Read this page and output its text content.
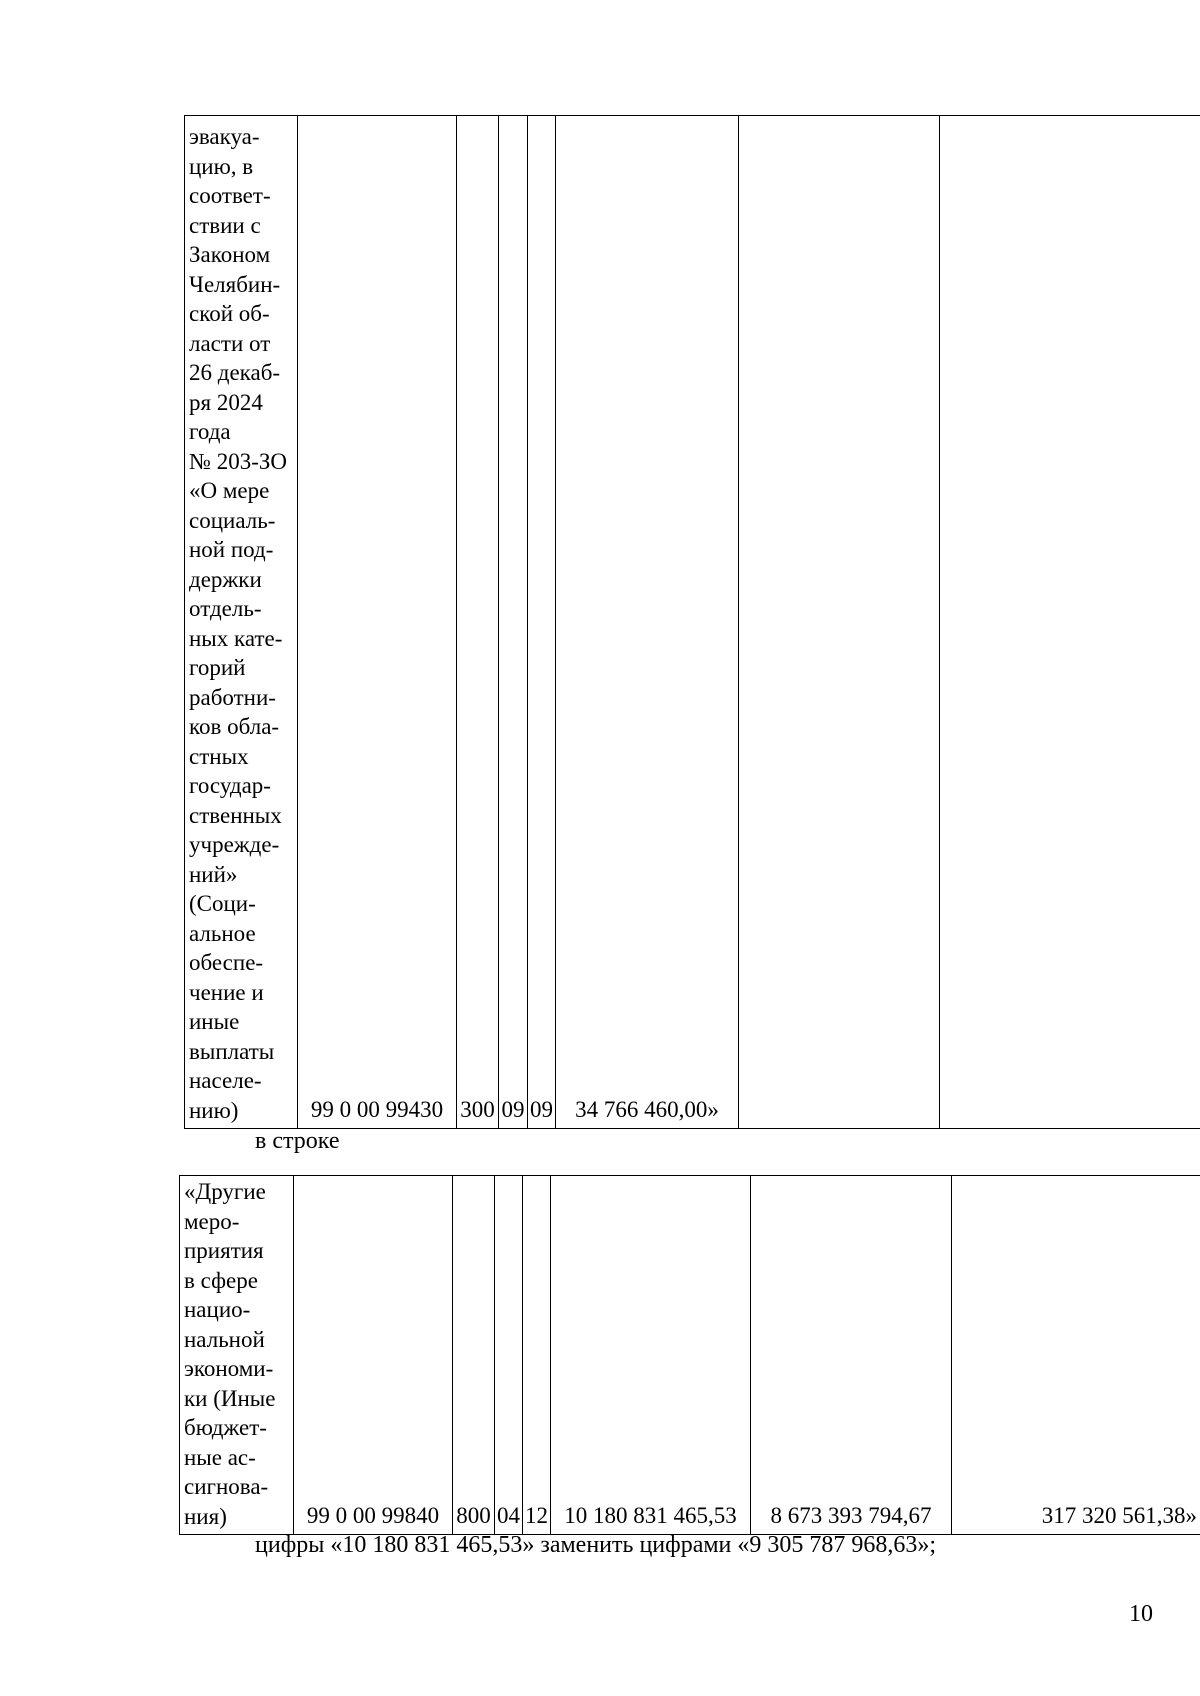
эвакуа-
цию, в
соответ-
ствии с
Законом
Челябин-
ской об-
ласти от
26 декаб-
ря 2024
года
№ 203-ЗО
«О мере
социаль-
ной под-
держки
отдель-
ных кате-
горий
работни-
ков обла-
стных
государ-
ственных
учрежде-
ний»
(Соци-
альное
обеспе-
чение и
иные
выплаты
населе-
нию)	99 0 00 99430	300	09	09	34 766 460,00»		
в строке
«Другие
меро-
приятия
в сфере
нацио-
нальной
экономи-
ки (Иные
бюджет-
ные ас-
сигнова-
ния)	99 0 00 99840	800	04	12	10 180 831 465,53	8 673 393 794,67	317 320 561,38»
цифры «10 180 831 465,53» заменить цифрами «9 305 787 968,63»;
10
